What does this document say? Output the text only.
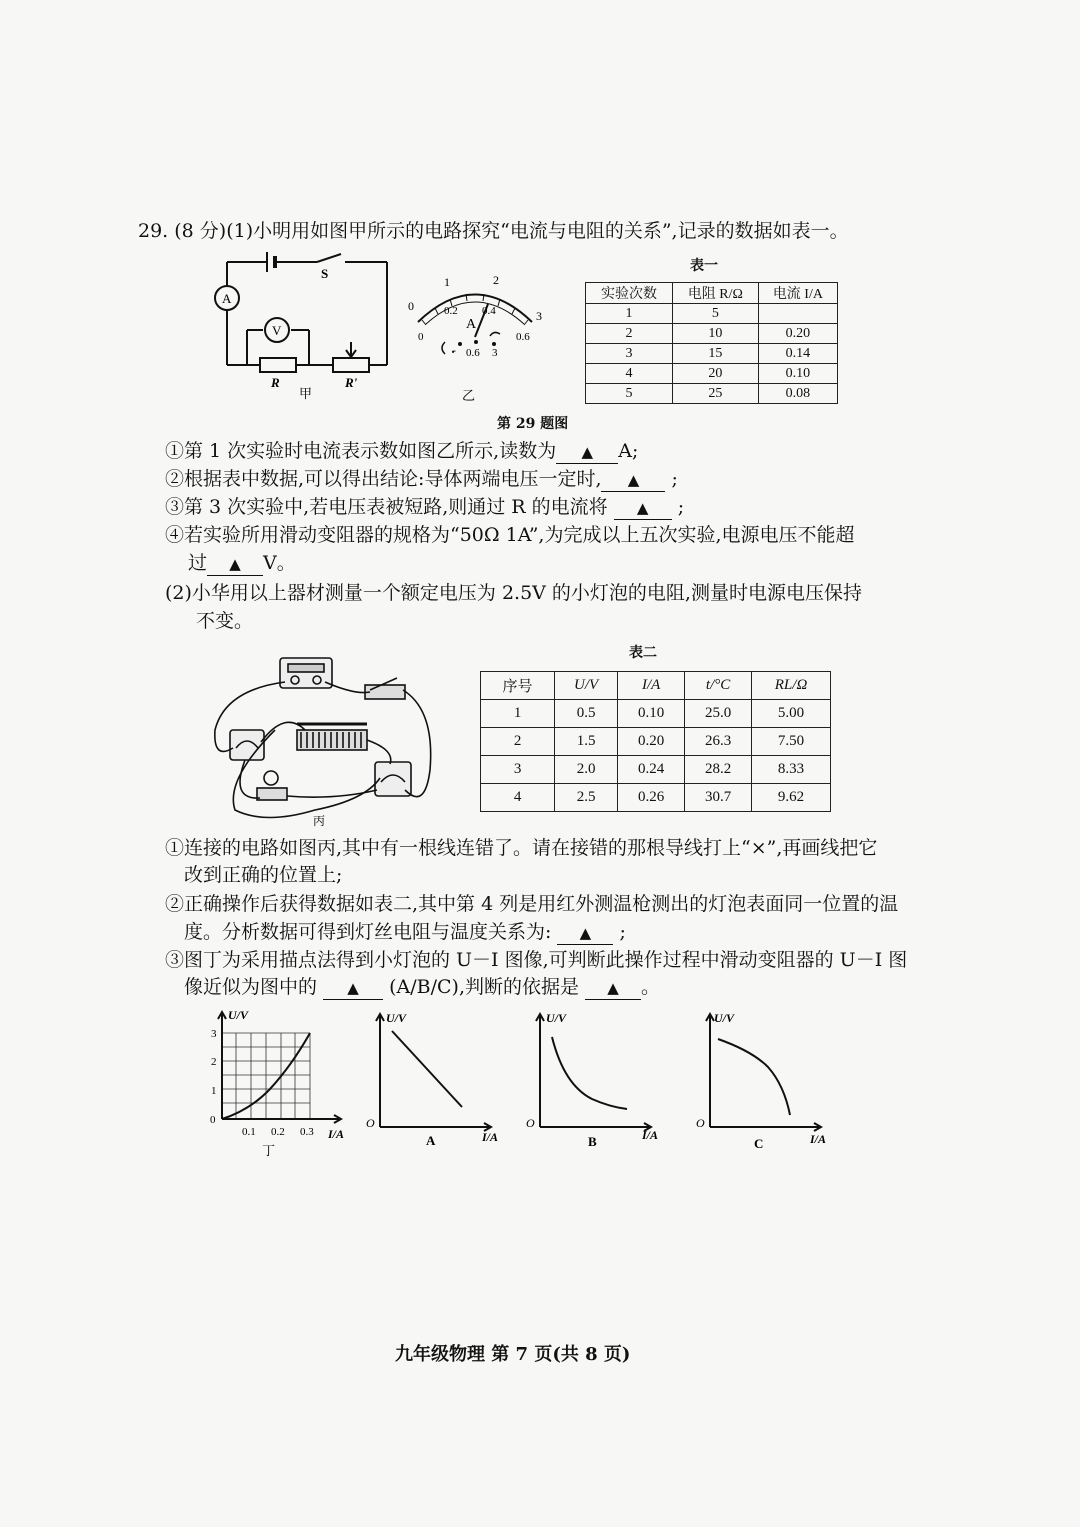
29. (8 分)(1)小明用如图甲所示的电路探究“电流与电阻的关系”,记录的数据如表一。
A
V
S
R	R'
甲
0
1	2
3
0
0.2 0.4
0.6
A
- 0.6 3
乙
表一
实验次数	电阻 R/Ω	电流 I/A
1	5	
2	10	0.20
3	15	0.14
4	20	0.10
5	25	0.08
第 29 题图
①第 1 次实验时电流表示数如图乙所示,读数为 ▲ A;
②根据表中数据,可以得出结论:导体两端电压一定时, ▲ ;
③第 3 次实验中,若电压表被短路,则通过 R 的电流将 ▲ ;
④若实验所用滑动变阻器的规格为“50Ω 1A”,为完成以上五次实验,电源电压不能超
过 ▲ V。
(2)小华用以上器材测量一个额定电压为 2.5V 的小灯泡的电阻,测量时电源电压保持
不变。
丙
表二
序号	U/V	I/A	t/°C	RL/Ω
1	0.5	0.10	25.0	5.00
2	1.5	0.20	26.3	7.50
3	2.0	0.24	28.2	8.33
4	2.5	0.26	30.7	9.62
①连接的电路如图丙,其中有一根线连错了。请在接错的那根导线打上“×”,再画线把它
改到正确的位置上;
②正确操作后获得数据如表二,其中第 4 列是用红外测温枪测出的灯泡表面同一位置的温
度。分析数据可得到灯丝电阻与温度关系为: ▲ ;
③图丁为采用描点法得到小灯泡的 U－I 图像,可判断此操作过程中滑动变阻器的 U－I 图
像近似为图中的 ▲ (A/B/C),判断的依据是 ▲ 。
U/V
I/A
0
1
2
3
0.1 0.2 0.3
丁
U/V
I/A
O
A
U/V
I/A
O
B
U/V
I/A
O
C
九年级物理 第 7 页(共 8 页)
